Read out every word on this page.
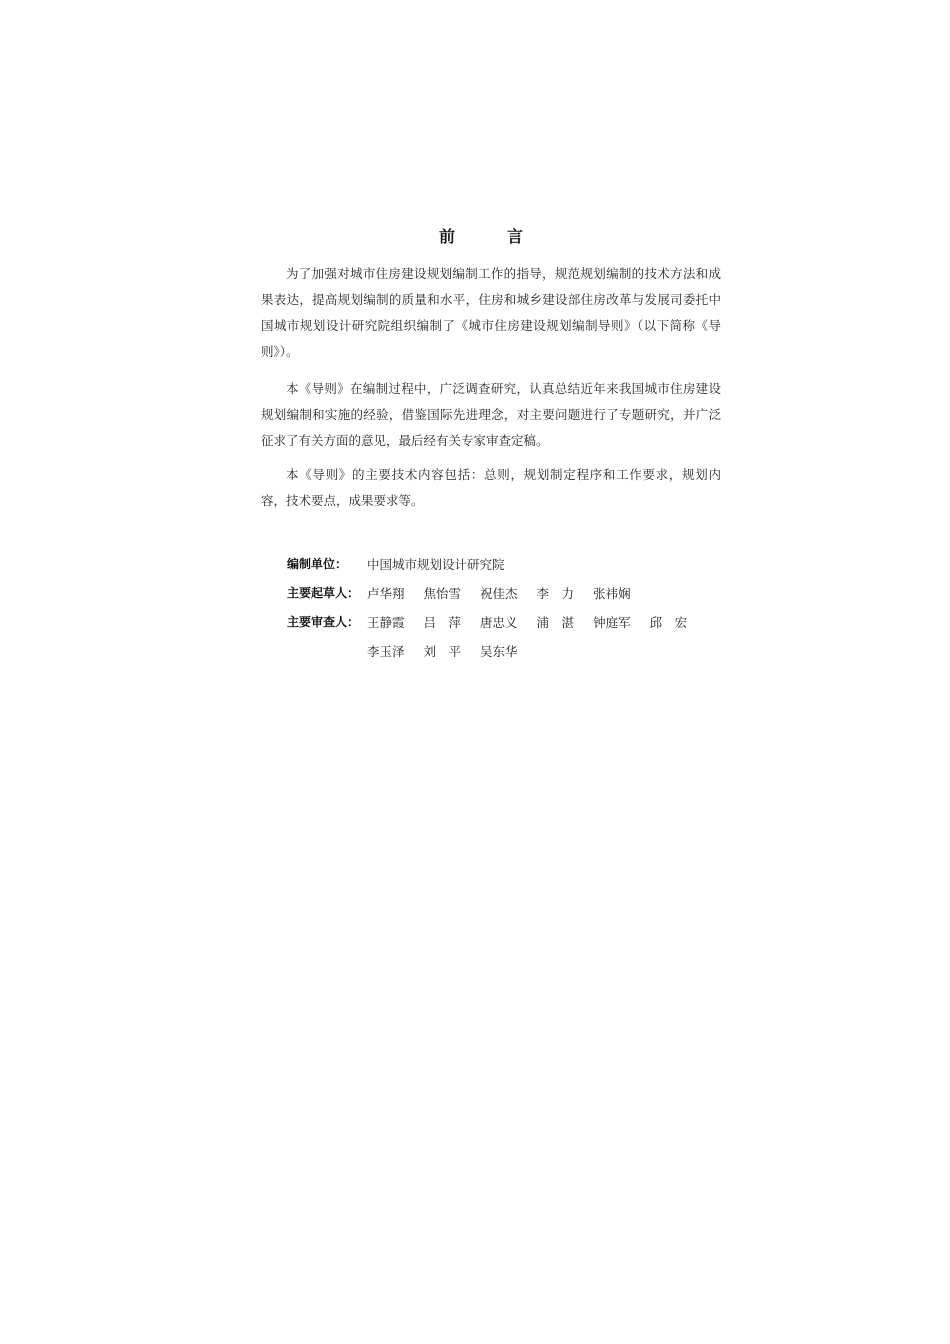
前　言

为了加强对城市住房建设规划编制工作的指导，规范规划编制的技术方法和成果表达，提高规划编制的质量和水平，住房和城乡建设部住房改革与发展司委托中国城市规划设计研究院组织编制了《城市住房建设规划编制导则》（以下简称《导则》）。

本《导则》在编制过程中，广泛调查研究，认真总结近年来我国城市住房建设规划编制和实施的经验，借鉴国际先进理念，对主要问题进行了专题研究，并广泛征求了有关方面的意见，最后经有关专家审查定稿。

本《导则》的主要技术内容包括：总则，规划制定程序和工作要求，规划内容，技术要点，成果要求等。

编制单位：	中国城市规划设计研究院
主要起草人： 卢华翔 焦怡雪 祝佳杰 李　力 张祎娴
主要审查人： 王静霞 吕　萍 唐忠义 浦　湛 钟庭军 邱　宏
李玉泽 刘　平 吴东华
